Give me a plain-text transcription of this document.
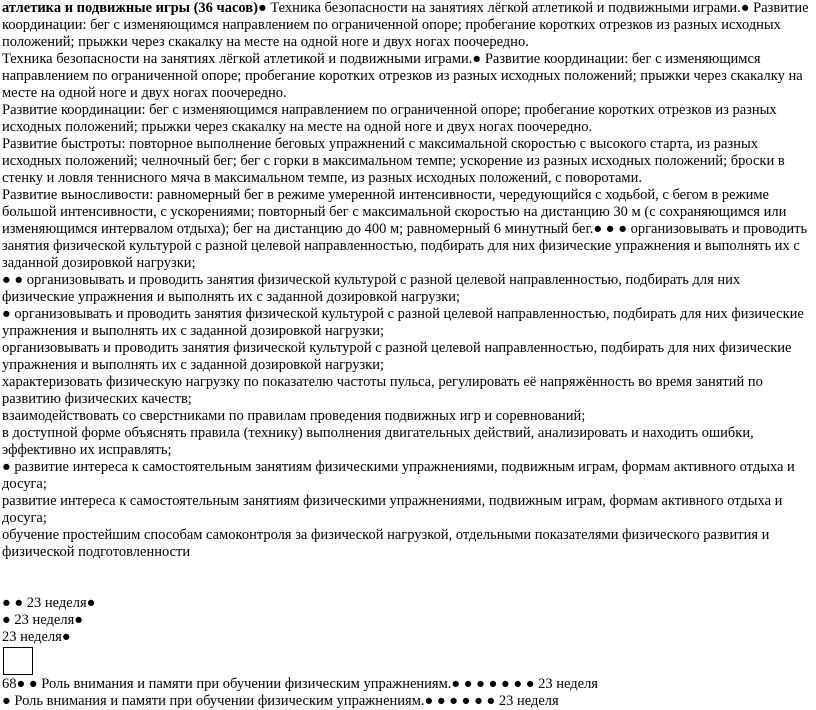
атлетика и подвижные игры (36 часов)● Техника безопасности на занятиях лёгкой атлетикой и подвижными играми.● Развитие координации: бег с изменяющимся направлением по ограниченной опоре; пробегание коротких отрезков из разных исходных положений; прыжки через скакалку на месте на одной ноге и двух ногах поочередно.

Техника безопасности на занятиях лёгкой атлетикой и подвижными играми.● Развитие координации: бег с изменяющимся направлением по ограниченной опоре; пробегание коротких отрезков из разных исходных положений; прыжки через скакалку на месте на одной ноге и двух ногах поочередно.

Развитие координации: бег с изменяющимся направлением по ограниченной опоре; пробегание коротких отрезков из разных исходных положений; прыжки через скакалку на месте на одной ноге и двух ногах поочередно.

Развитие быстроты: повторное выполнение беговых упражнений с максимальной скоростью с высокого старта, из разных исходных положений; челночный бег; бег с горки в максимальном темпе; ускорение из разных исходных положений; броски в стенку и ловля теннисного мяча в максимальном темпе, из разных исходных положений, с поворотами.

Развитие выносливости: равномерный бег в режиме умеренной интенсивности, чередующийся с ходьбой, с бегом в режиме большой интенсивности, с ускорениями; повторный бег с максимальной скоростью на дистанцию 30 м (с сохраняющимся или изменяющимся интервалом отдыха); бег на дистанцию до 400 м; равномерный 6 минутный бег.● ● ● организовывать и проводить занятия физической культурой с разной целевой направленностью, подбирать для них физические упражнения и выполнять их с заданной дозировкой нагрузки;

● ● организовывать и проводить занятия физической культурой с разной целевой направленностью, подбирать для них физические упражнения и выполнять их с заданной дозировкой нагрузки;

● организовывать и проводить занятия физической культурой с разной целевой направленностью, подбирать для них физические упражнения и выполнять их с заданной дозировкой нагрузки;

организовывать и проводить занятия физической культурой с разной целевой направленностью, подбирать для них физические упражнения и выполнять их с заданной дозировкой нагрузки;

характеризовать физическую нагрузку по показателю частоты пульса, регулировать её напряжённость во время занятий по развитию физических качеств;

взаимодействовать со сверстниками по правилам проведения подвижных игр и соревнований;

в доступной форме объяснять правила (технику) выполнения двигательных действий, анализировать и находить ошибки, эффективно их исправлять;

● развитие интереса к самостоятельным занятиям физическими упражнениями, подвижным играм, формам активного отдыха и досуга;

развитие интереса к самостоятельным занятиям физическими упражнениями, подвижным играм, формам активного отдыха и досуга;

обучение простейшим способам самоконтроля за физической нагрузкой, отдельными показателями физического развития и физической подготовленности

● ● 23 неделя●

● 23 неделя●

23 неделя●

68● ● Роль внимания и памяти при обучении физическим упражнениям.● ● ● ● ● ● ● 23 неделя

● Роль внимания и памяти при обучении физическим упражнениям.● ● ● ● ● ● 23 неделя
